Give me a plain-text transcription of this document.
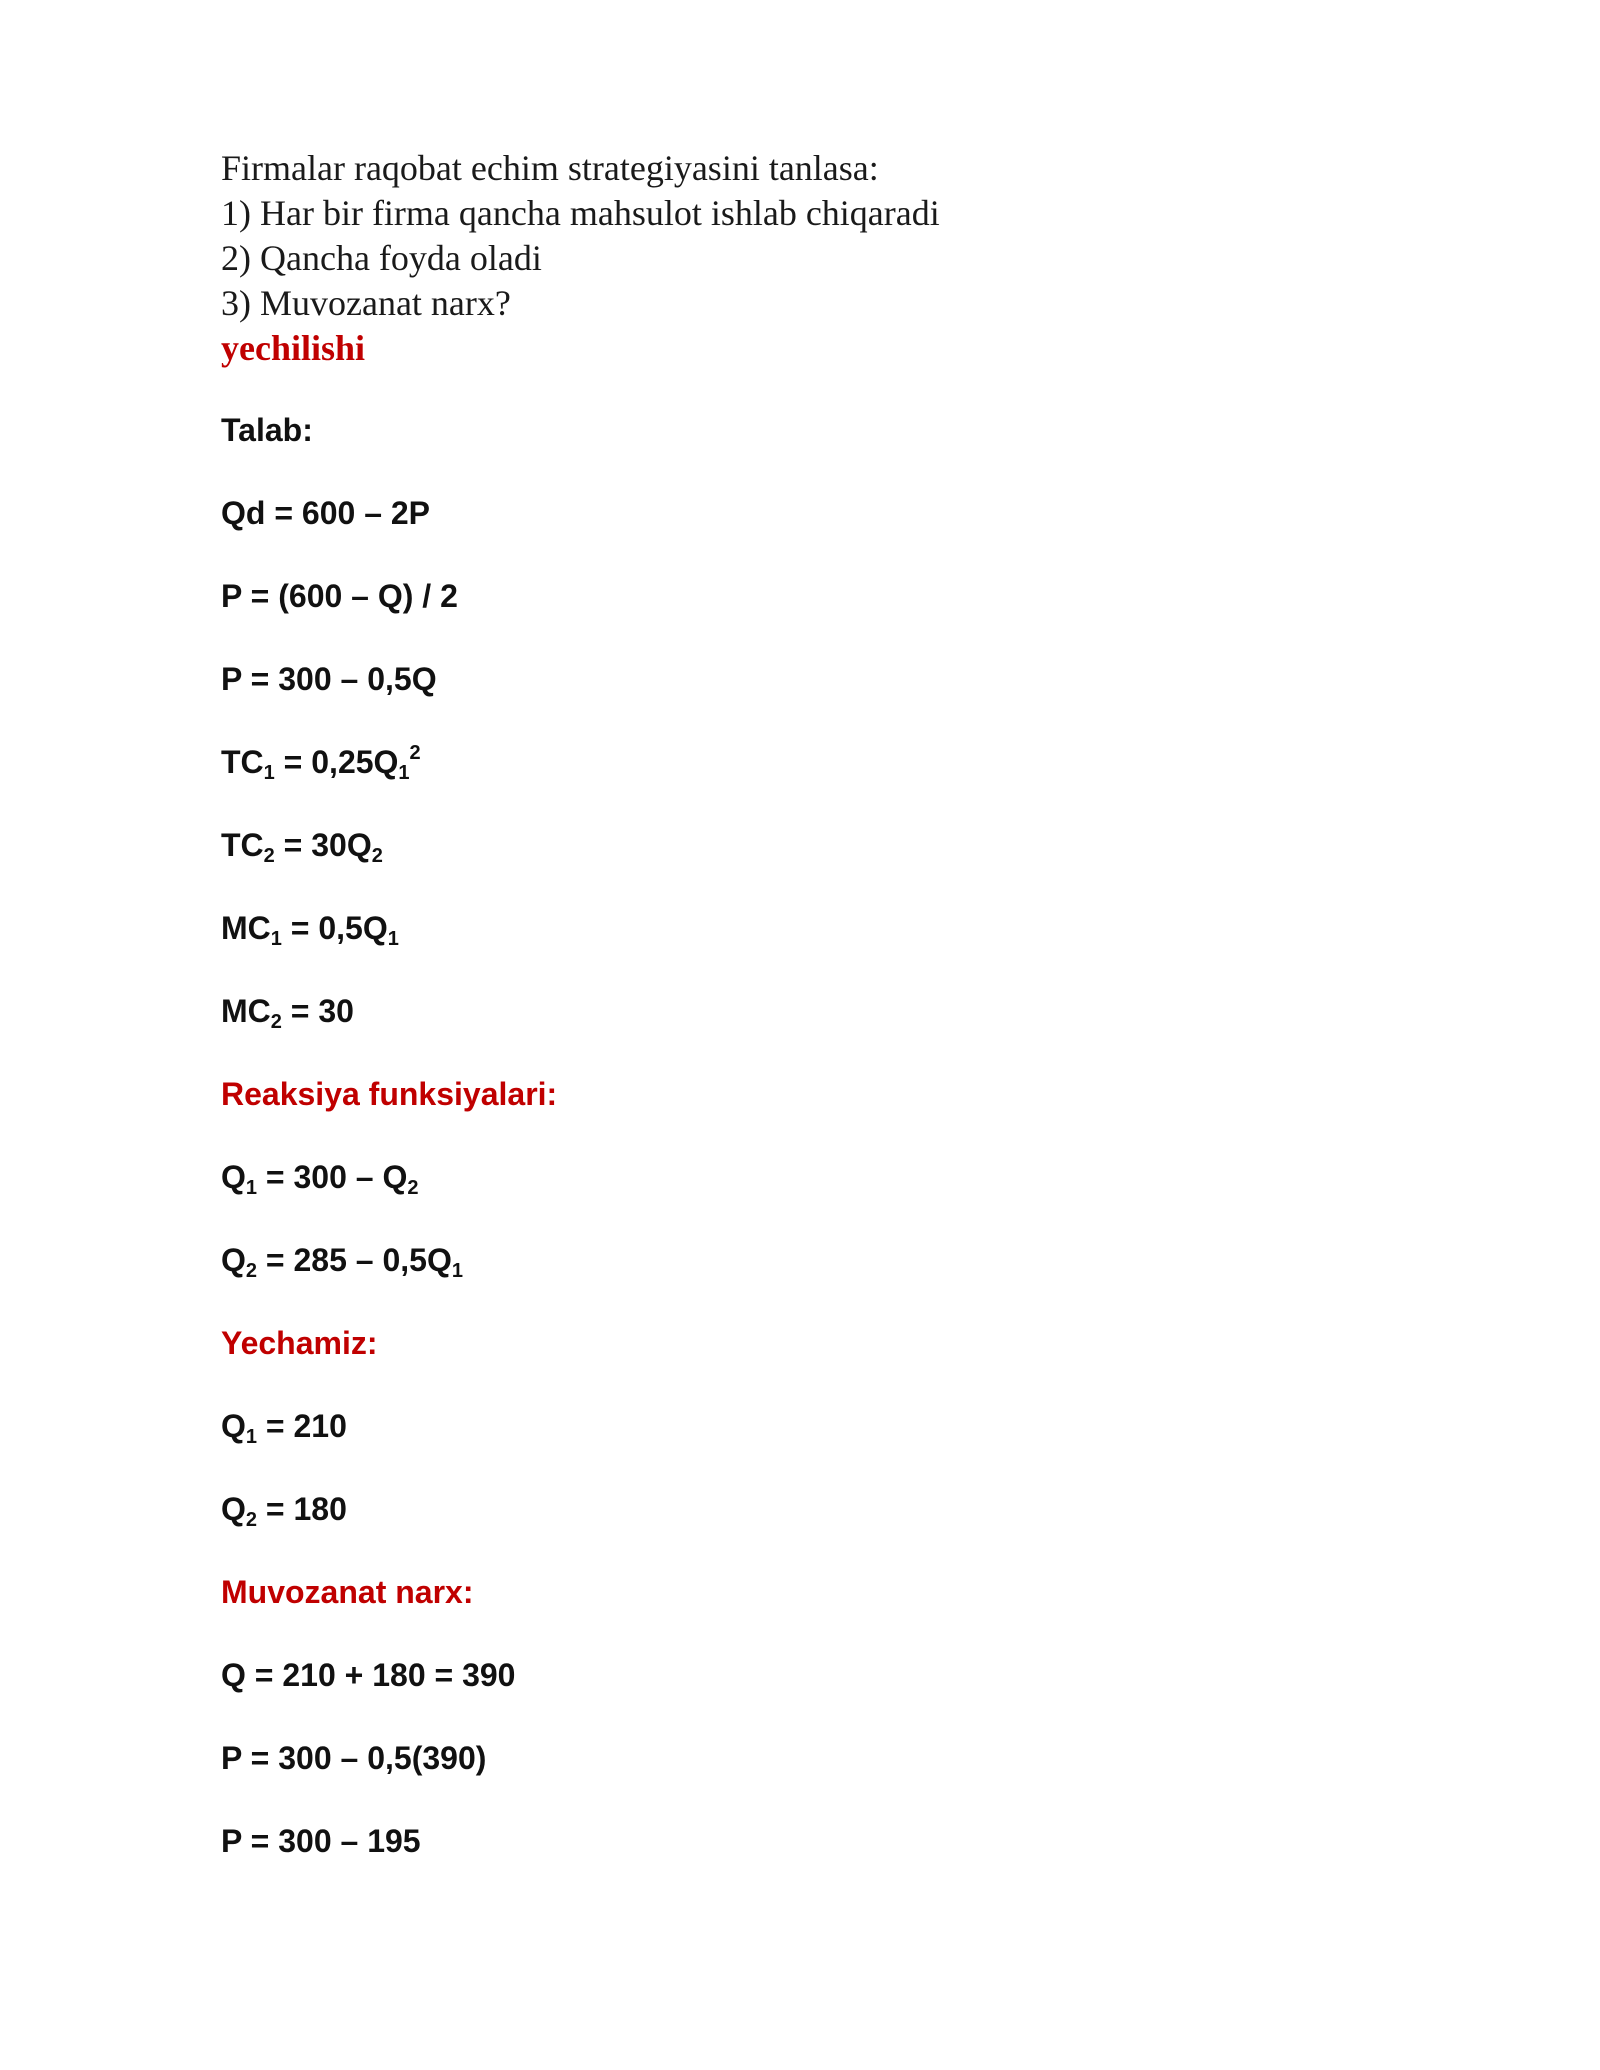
Firmalar raqobat echim strategiyasini tanlasa:
1) Har bir firma qancha mahsulot ishlab chiqaradi
2) Qancha foyda oladi
3) Muvozanat narx?
yechilishi
Talab:
Qd = 600 – 2P
P = (600 – Q) / 2
P = 300 – 0,5Q
$TC_1 = 0,25Q_1^2$
$TC_2 = 30Q_2$
$MC_1 = 0,5Q_1$
$MC_2 = 30$
Reaksiya funksiyalari:
$Q_1 = 300 - Q_2$
$Q_2 = 285 - 0,5Q_1$
Yechamiz:
$Q_1 = 210$
$Q_2 = 180$
Muvozanat narx:
Q = 210 + 180 = 390
P = 300 – 0,5(390)
P = 300 – 195
